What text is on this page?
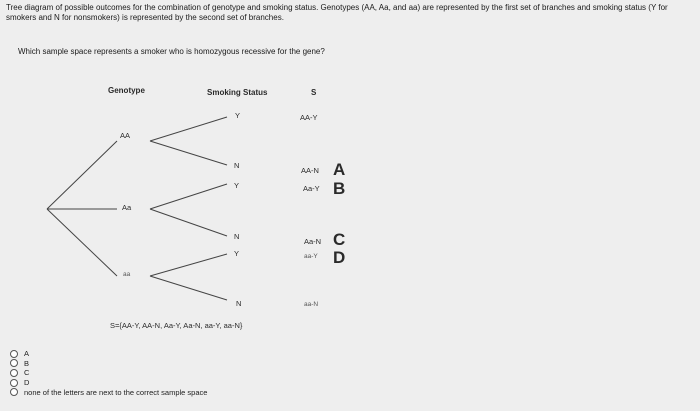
Tree diagram of possible outcomes for the combination of genotype and smoking status. Genotypes (AA, Aa, and aa) are represented by the first set of branches and smoking status (Y for smokers and N for nonsmokers) is represented by the second set of branches.

Which sample space represents a smoker who is homozygous recessive for the gene?

Genotype	Smoking Status	S
AA
Aa
aa
Y
N
Y
N
Y
N
AA-Y
AA-N
Aa-Y
Aa-N
aa-Y
aa-N
A
B
C
D
S={AA-Y, AA-N, Aa-Y, Aa-N, aa-Y, aa-N}
A
B
C
D
none of the letters are next to the correct sample space
